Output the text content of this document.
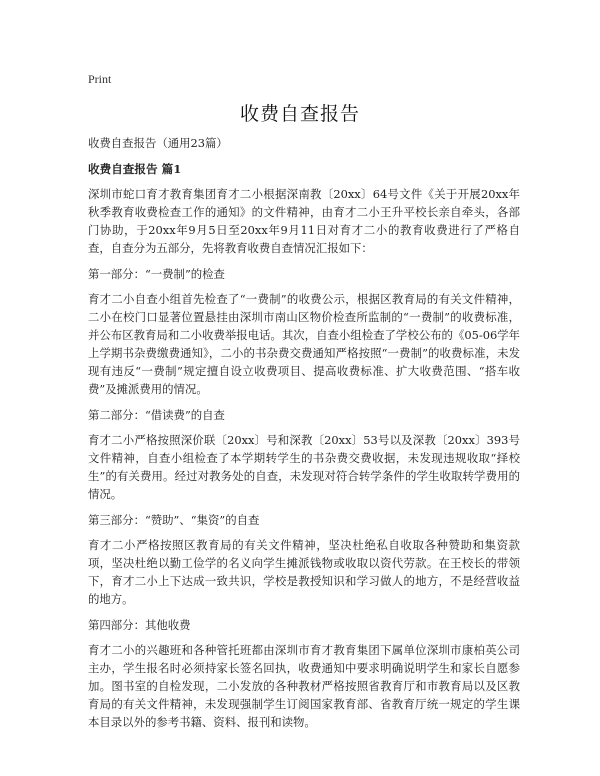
Print
收费自查报告

收费自查报告（通用23篇）

收费自查报告 篇1

深圳市蛇口育才教育集团育才二小根据深南教〔20xx〕64号文件《关于开展20xx年秋季教育收费检查工作的通知》的文件精神，由育才二小王升平校长亲自牵头，各部门协助，于20xx年9月5日至20xx年9月11日对育才二小的教育收费进行了严格自查，自查分为五部分，先将教育收费自查情况汇报如下：

第一部分：“一费制”的检查

育才二小自查小组首先检查了“一费制”的收费公示，根据区教育局的有关文件精神，二小在校门口显著位置悬挂由深圳市南山区物价检查所监制的“一费制”的收费标准，并公布区教育局和二小收费举报电话。其次，自查小组检查了学校公布的《05-06学年上学期书杂费缴费通知》，二小的书杂费交费通知严格按照“一费制”的收费标准，未发现有违反“一费制”规定擅自设立收费项目、提高收费标准、扩大收费范围、“搭车收费”及摊派费用的情况。

第二部分：“借读费”的自查

育才二小严格按照深价联〔20xx〕号和深教〔20xx〕53号以及深教〔20xx〕393号文件精神，自查小组检查了本学期转学生的书杂费交费收据，未发现违规收取“择校生”的有关费用。经过对教务处的自查，未发现对符合转学条件的学生收取转学费用的情况。

第三部分：“赞助”、“集资”的自查

育才二小严格按照区教育局的有关文件精神，坚决杜绝私自收取各种赞助和集资款项，坚决杜绝以勤工俭学的名义向学生摊派钱物或收取以资代劳款。在王校长的带领下，育才二小上下达成一致共识，学校是教授知识和学习做人的地方，不是经营收益的地方。

第四部分：其他收费

育才二小的兴趣班和各种管托班都由深圳市育才教育集团下属单位深圳市康柏英公司主办，学生报名时必须持家长签名回执，收费通知中要求明确说明学生和家长自愿参加。图书室的自检发现，二小发放的各种教材严格按照省教育厅和市教育局以及区教育局的有关文件精神，未发现强制学生订阅国家教育部、省教育厅统一规定的学生课本目录以外的参考书籍、资料、报刊和读物。
